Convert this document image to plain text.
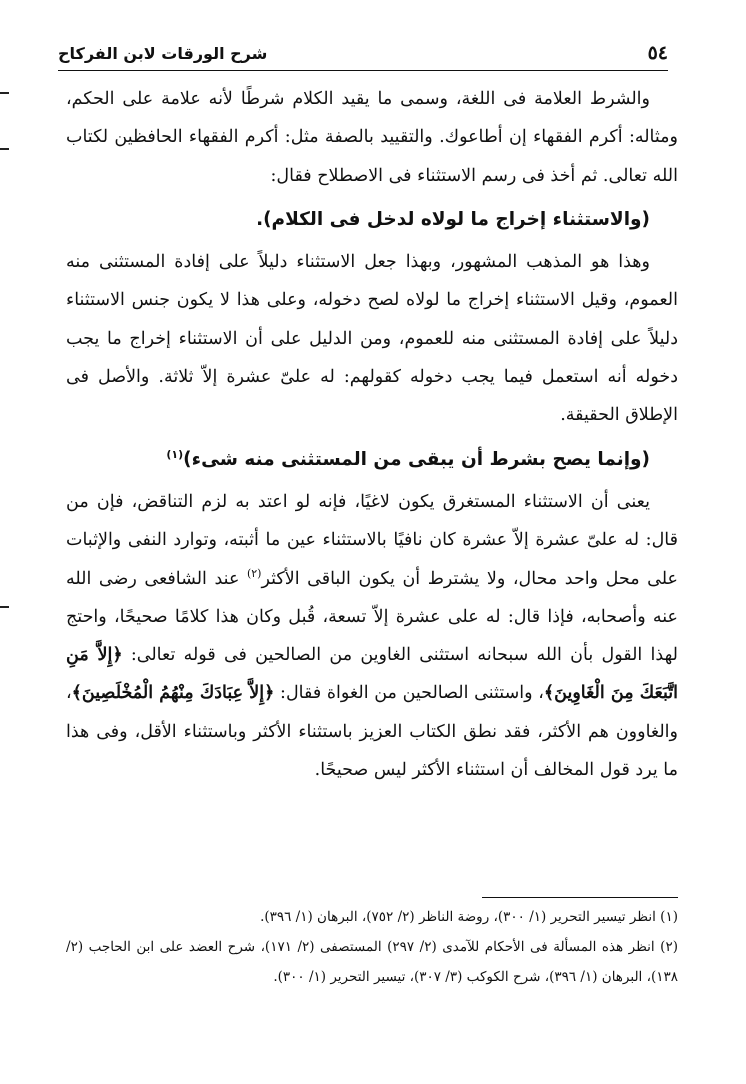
٥٤
شرح الورقات لابن الفركاح

والشرط العلامة فى اللغة، وسمى ما يقيد الكلام شرطًا لأنه علامة على الحكم، ومثاله: أكرم الفقهاء إن أطاعوك. والتقييد بالصفة مثل: أكرم الفقهاء الحافظين لكتاب الله تعالى. ثم أخذ فى رسم الاستثناء فى الاصطلاح فقال:

(والاستثناء إخراج ما لولاه لدخل فى الكلام).

وهذا هو المذهب المشهور، وبهذا جعل الاستثناء دليلاً على إفادة المستثنى منه العموم، وقيل الاستثناء إخراج ما لولاه لصح دخوله، وعلى هذا لا يكون جنس الاستثناء دليلاً على إفادة المستثنى منه للعموم، ومن الدليل على أن الاستثناء إخراج ما يجب دخوله أنه استعمل فيما يجب دخوله كقولهم: له علىّ عشرة إلاّ ثلاثة. والأصل فى الإطلاق الحقيقة.

(وإنما يصح بشرط أن يبقى من المستثنى منه شىء)$^{(١)}$

يعنى أن الاستثناء المستغرق يكون لاغيًا، فإنه لو اعتد به لزم التناقض، فإن من قال: له علىّ عشرة إلاّ عشرة كان نافيًا بالاستثناء عين ما أثبته، وتوارد النفى والإثبات على محل واحد محال، ولا يشترط أن يكون الباقى الأكثر$^{(٢)}$ عند الشافعى رضى الله عنه وأصحابه، فإذا قال: له على عشرة إلاّ تسعة، قُبل وكان هذا كلامًا صحيحًا، واحتج لهذا القول بأن الله سبحانه استثنى الغاوين من الصالحين فى قوله تعالى: ﴿إِلاَّ مَنِ اتَّبَعَكَ مِنَ الْغَاوِينَ﴾، واستثنى الصالحين من الغواة فقال: ﴿إِلاَّ عِبَادَكَ مِنْهُمُ الْمُخْلَصِينَ﴾، والغاوون هم الأكثر، فقد نطق الكتاب العزيز باستثناء الأكثر وباستثناء الأقل، وفى هذا ما يرد قول المخالف أن استثناء الأكثر ليس صحيحًا.

(١) انظر تيسير التحرير (١/ ٣٠٠)، روضة الناظر (٢/ ٧٥٢)، البرهان (١/ ٣٩٦).

(٢) انظر هذه المسألة فى الأحكام للآمدى (٢/ ٢٩٧) المستصفى (٢/ ١٧١)، شرح العضد على ابن الحاجب (٢/ ١٣٨)، البرهان (١/ ٣٩٦)، شرح الكوكب (٣/ ٣٠٧)، تيسير التحرير (١/ ٣٠٠).
